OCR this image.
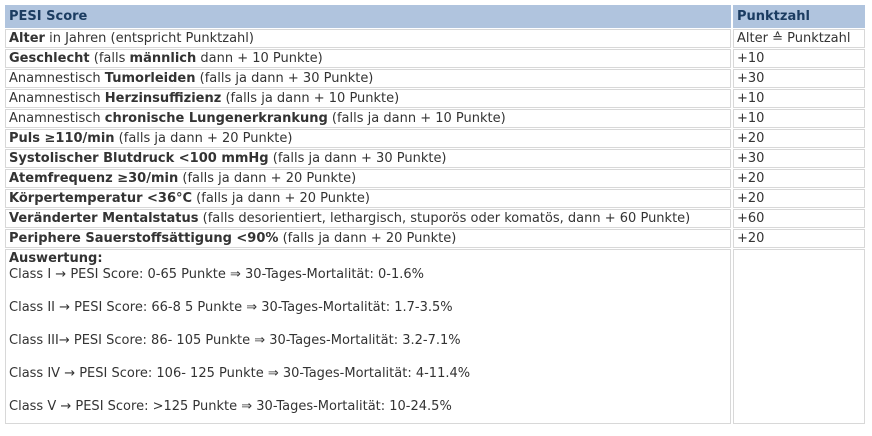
PESI Score	Punktzahl
Alter in Jahren (entspricht Punktzahl)	Alter ≙ Punktzahl
Geschlecht (falls männlich dann + 10 Punkte)	+10
Anamnestisch Tumorleiden (falls ja dann + 30 Punkte)	+30
Anamnestisch Herzinsuffizienz (falls ja dann + 10 Punkte)	+10
Anamnestisch chronische Lungenerkrankung (falls ja dann + 10 Punkte)	+10
Puls ≥110/min (falls ja dann + 20 Punkte)	+20
Systolischer Blutdruck <100 mmHg (falls ja dann + 30 Punkte)	+30
Atemfrequenz ≥30/min (falls ja dann + 20 Punkte)	+20
Körpertemperatur <36°C (falls ja dann + 20 Punkte)	+20
Veränderter Mentalstatus (falls desorientiert, lethargisch, stuporös oder komatös, dann + 60 Punkte)	+60
Periphere Sauerstoffsättigung <90% (falls ja dann + 20 Punkte)	+20

Auswertung:
Class I → PESI Score: 0-65 Punkte ⇒ 30-Tages-Mortalität: 0-1.6%
Class II → PESI Score: 66-8 5 Punkte ⇒ 30-Tages-Mortalität: 1.7-3.5%
Class III→ PESI Score: 86- 105 Punkte ⇒ 30-Tages-Mortalität: 3.2-7.1%
Class IV → PESI Score: 106- 125 Punkte ⇒ 30-Tages-Mortalität: 4-11.4%
Class V → PESI Score: >125 Punkte ⇒ 30-Tages-Mortalität: 10-24.5%
